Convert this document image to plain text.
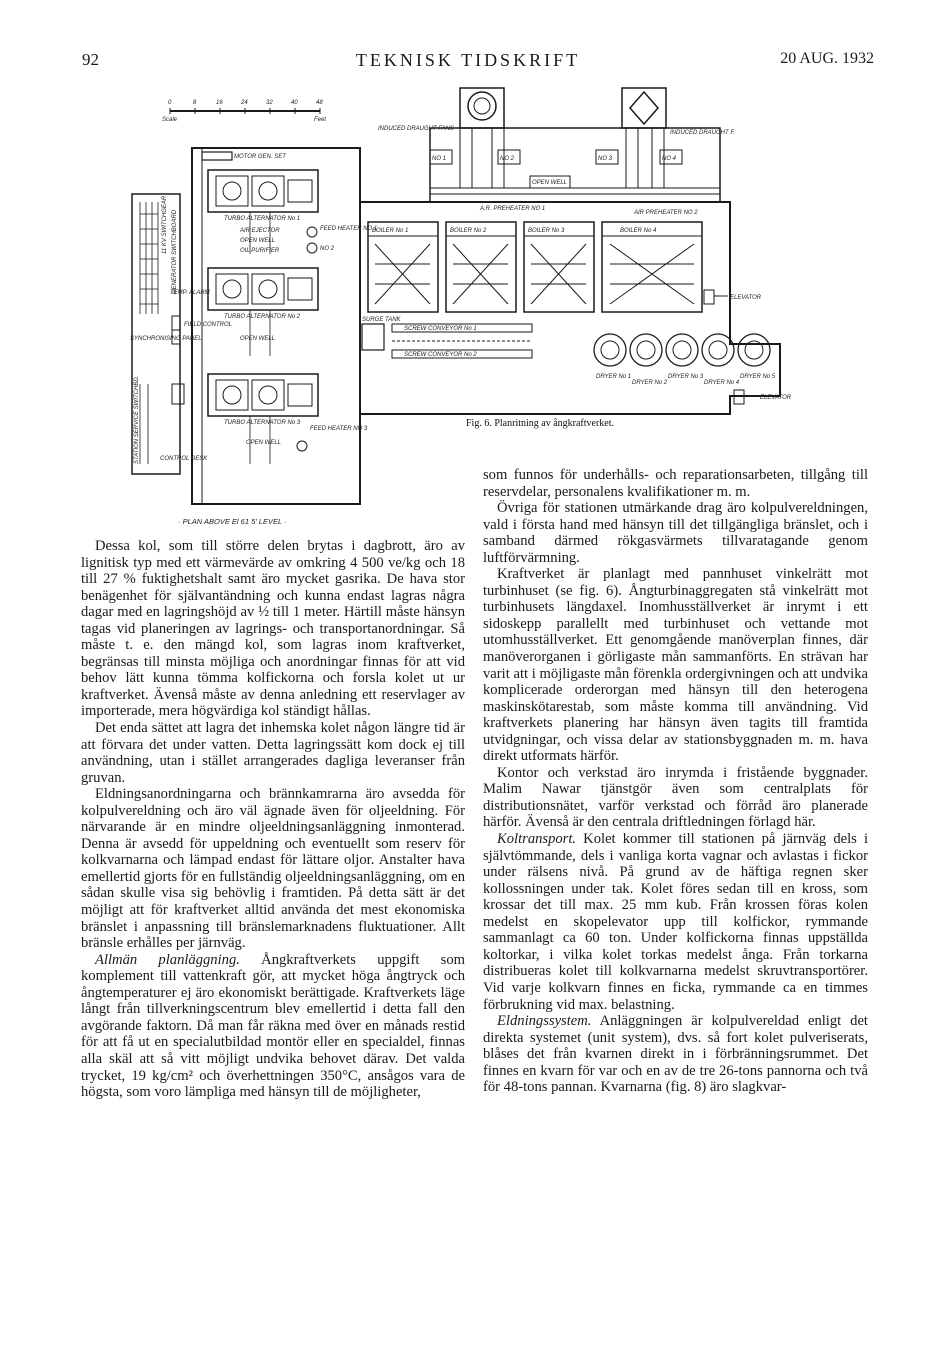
92	TEKNISK TIDSKRIFT	20 AUG. 1932
0	8	16	24	32	40	48
Scale	Feet
INDUCED DRAUGHT FANS
INDUCED DRAUGHT F.
NO 1	NO 2	NO 3	NO 4
OPEN WELL
A.R. PREHEATER NO 1
AIR PREHEATER NO 2
BOILER No 1	BOILER No 2	BOILER No 3	BOILER No 4
ELEVATOR
ELEVATOR
SCREW CONVEYOR No 1
SCREW CONVEYOR No 2
SURGE TANK
DRYER No 1
DRYER No 2
DRYER No 3
DRYER No 4
DRYER No 5
MOTOR GEN. SET
TURBO ALTERNATOR No 1
TURBO ALTERNATOR No 2
TURBO ALTERNATOR No 3
AIR EJECTOR
OPEN WELL
OIL PURIFIER
FEED HEATER NO 1
NO 2
FEED HEATER NO 3
OPEN WELL
OPEN WELL
TEMP. ALARM
FIELD CONTROL
SYNCHRONISING PANEL
CONTROL DESK
11 KV SWITCHGEAR GENERATOR SWITCHBOARD
STATION SERVICE SWITCHBD.	Fig. 6. Planritning av ångkraftverket.
· PLAN ABOVE El 61 5' LEVEL ·

Dessa kol, som till större delen brytas i dagbrott, äro av lignitisk typ med ett värmevärde av omkring 4 500 ve/kg och 18 till 27 % fuktighetshalt samt äro mycket gasrika. De hava stor benägenhet för självantändning och kunna endast lagras några dagar med en lagringshöjd av ½ till 1 meter. Härtill måste hänsyn tagas vid planeringen av lagrings- och transportanordningar. Så måste t. e. den mängd kol, som lagras inom kraftverket, begränsas till minsta möjliga och anordningar finnas för att vid behov lätt kunna tömma kolfickorna och forsla kolet ut ur kraftverket. Ävenså måste av denna anledning ett reservlager av importerade, mera högvärdiga kol ständigt hållas.

Det enda sättet att lagra det inhemska kolet någon längre tid är att förvara det under vatten. Detta lagringssätt kom dock ej till användning, utan i stället arrangerades dagliga leveranser från gruvan.

Eldningsanordningarna och brännkamrarna äro avsedda för kolpulvereldning och äro väl ägnade även för oljeeldning. För närvarande är en mindre oljeeldningsanläggning inmonterad. Denna är avsedd för uppeldning och eventuellt som reserv för kolkvarnarna och lämpad endast för lättare oljor. Anstalter hava emellertid gjorts för en fullständig oljeeldningsanläggning, om en sådan skulle visa sig behövlig i framtiden. På detta sätt är det möjligt att för kraftverket alltid använda det mest ekonomiska bränslet i anpassning till bränslemarknadens fluktuationer. Allt bränsle erhålles per järnväg.

Allmän planläggning. Ångkraftverkets uppgift som komplement till vattenkraft gör, att mycket höga ångtryck och ångtemperaturer ej äro ekonomiskt berättigade. Kraftverkets läge långt från tillverkningscentrum blev emellertid i detta fall den avgörande faktorn. Då man får räkna med över en månads restid för att få ut en specialutbildad montör eller en specialdel, finnas alla skäl att så vitt möjligt undvika behovet därav. Det valda trycket, 19 kg/cm² och överhettningen 350°C, ansågos vara de högsta, som voro lämpliga med hänsyn till de möjligheter,

som funnos för underhålls- och reparationsarbeten, tillgång till reservdelar, personalens kvalifikationer m. m.

Övriga för stationen utmärkande drag äro kolpulvereldningen, vald i första hand med hänsyn till det tillgängliga bränslet, och i samband därmed rökgasvärmets tillvaratagande genom luftförvärmning.

Kraftverket är planlagt med pannhuset vinkelrätt mot turbinhuset (se fig. 6). Ångturbinaggregaten stå vinkelrätt mot turbinhusets längdaxel. Inomhusställverket är inrymt i ett sidoskepp parallellt med turbinhuset och vettande mot utomhusställverket. Ett genomgående manöverplan finnes, där manöverorganen i görligaste mån sammanförts. En strävan har varit att i möjligaste mån förenkla ordergivningen och att undvika komplicerade orderorgan med hänsyn till den heterogena maskinskötarestab, som måste komma till användning. Vid kraftverkets planering har hänsyn även tagits till framtida utvidgningar, och vissa delar av stationsbyggnaden m. m. hava direkt utformats härför.

Kontor och verkstad äro inrymda i fristående byggnader. Malim Nawar tjänstgör även som centralplats för distributionsnätet, varför verkstad och förråd äro planerade härför. Ävenså är den centrala driftledningen förlagd här.

Koltransport. Kolet kommer till stationen på järnväg dels i självtömmande, dels i vanliga korta vagnar och avlastas i fickor under rälsens nivå. På grund av de häftiga regnen sker kollossningen under tak. Kolet föres sedan till en kross, som krossar det till max. 25 mm kub. Från krossen föras kolen medelst en skopelevator upp till kolfickor, rymmande sammanlagt ca 60 ton. Under kolfickorna finnas uppställda koltorkar, i vilka kolet torkas medelst ånga. Från torkarna distribueras kolet till kolkvarnarna medelst skruvtransportörer. Vid varje kolkvarn finnes en ficka, rymmande ca en timmes förbrukning vid max. belastning.

Eldningssystem. Anläggningen är kolpulvereldad enligt det direkta systemet (unit system), dvs. så fort kolet pulveriserats, blåses det från kvarnen direkt in i förbränningsrummet. Det finnes en kvarn för var och en av de tre 26-tons pannorna och två för 48-tons pannan. Kvarnarna (fig. 8) äro slagkvar-
